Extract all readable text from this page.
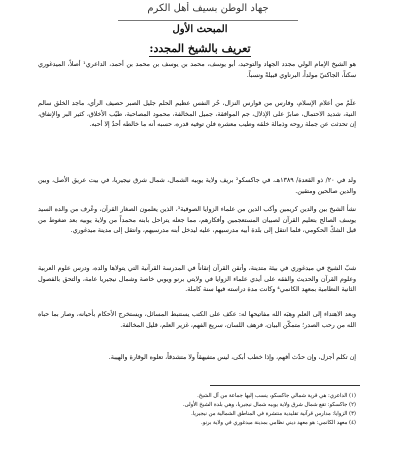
جهاد الوطن بسيف أهل الكرم
المبحث الأول
تعريف بالشيخ المجدد:

هو الشيخ الإمام الولي مجدد الجهاد والتوحيد، أبو يوسف، محمد بن يوسف بن محمد بن أحمد، الداعري¹ أصلاً، الميدغوري سكناً، الجاكنيّ مولداً، البرناوي قبيلةً ونسباً.

علَمٌ من أعلام الإسلام، وفارس من فوارس النزال، حُر النفس عظيم الحلم جليل الصبر حصيف الرأي، ماجد الخلق سالم النية، شديد الاحتمال، صابرٌ على الإذلال، جم الموافقة، جميل المخالفة، محمود المصاحبة، طيّب الأخلاق، كثير البر والإنفاق، إن تحدثت عن جملة روحه وذمالة خلقه وطيب معشره فلن توفيه قدره، حسبه أنه ما خالطه أحدٌ إلا أحبه.

ولد في ٢٠/ ذو القعدة/ ١٣٨٩هـ، في جاكسكو² بريف ولاية يوبيه الشمال، شمال شرق نيجيريا، في بيت عريق الأصل، وبين والدين صالحين ومتقين.

نشأ الشيخ بين والدين كريمين وأكب الدين من علماء الزوايا الصوفية³، الذين يعلمون الصغار القرآن، وعُرف من والده السيد يوسف الصالح بتعليم القرآن لصبيان المستعجمين وأفكارهم، مما جعله يتراحل بابنه محمداً من ولاية يوبيه بعد ضغوط من قبل الشكّ الحكومي، فلما انتقل إلى بلدة أبيه مدرسيهم، عليه ليدخل أبنه مدرسيهم، وانتقل إلى مدينة ميدغوري.

شبّ الشيخ في ميدغوري في بيئة متدينة، وأتقن القرآن إتقاناً في المدرسة القرآنية التي يتولاها والده، ودرس علوم العربية وعلوم القرآن والحديث والفقه على أيدي علماء الزوايا في ولايتي برنو ويوبي خاصة وشمال نيجيريا عامة، والتحق بالفصول الثانية النظامية بمعهد الكانمي⁴ وكانت مدة دراسته فيها سنة كاملة.

وبعد الاهتداء إلى العلم وهبَه الله مفاتيحها له: عكف على الكتب يستنبط المسائل، ويستخرج الأحكام بأحيانه، وصار بما حباه الله من رحب الصدر؛ متمكّن البيان، فرهف اللسان، سريع الفهم، غزير العلم، قليل المخالفة.

إن تكلم أجزل، وإن حدّث أفهم، وإذا خطب أبكى، ليس متفيهقاً ولا متشدقاً، تعلوه الوقارة والهيبة.

(١) الداعري: هي قرية شمالي جاكسكو، ينسب إليها جماعة من آل الشيخ.
(٢) جاكسكو: تقع شمال شرق ولاية يوبيه شمال نيجيريا، وهي بلدة الشيخ الأولى.
(٣) الزوايا: مدارس قرآنية تقليدية منتشرة في المناطق الشمالية من نيجيريا.
(٤) معهد الكانمي: هو معهد ديني نظامي بمدينة ميدغوري في ولاية برنو.
